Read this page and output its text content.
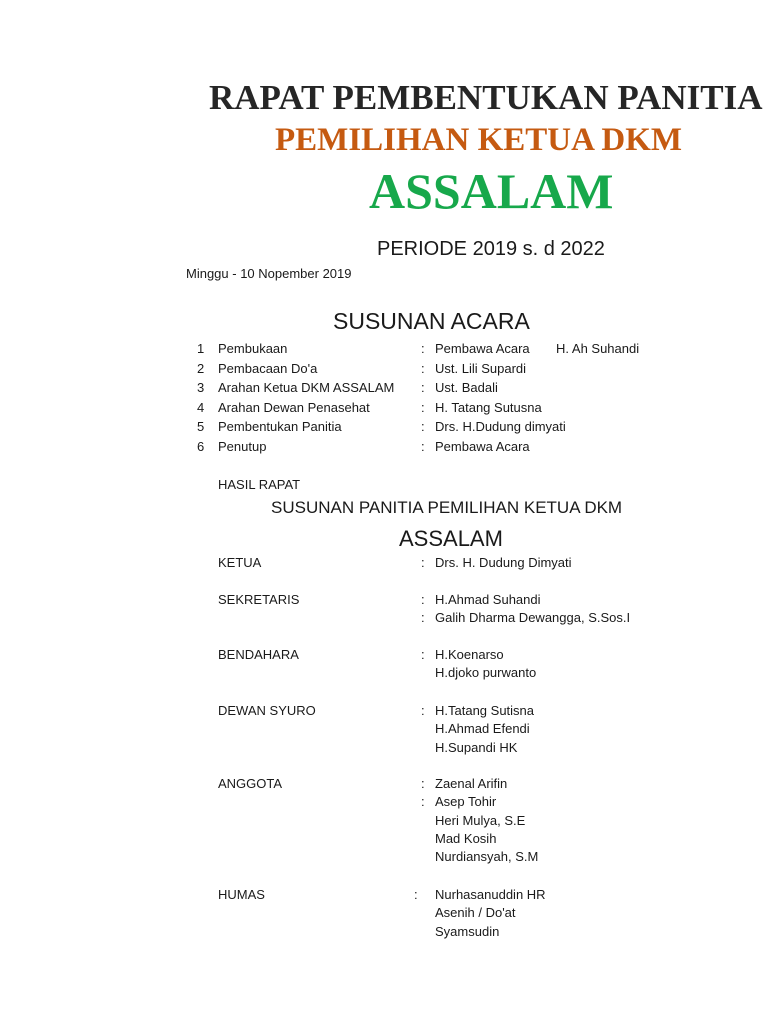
RAPAT PEMBENTUKAN PANITIA
PEMILIHAN KETUA DKM
ASSALAM
PERIODE 2019 s. d 2022
Minggu - 10 Nopember 2019
SUSUNAN ACARA
1 Pembukaan	: Pembawa Acara H. Ah Suhandi
2 Pembacaan Do'a	: Ust. Lili Supardi
3 Arahan Ketua DKM ASSALAM : Ust. Badali
4 Arahan Dewan Penasehat	: H. Tatang Sutusna
5 Pembentukan Panitia	: Drs. H.Dudung dimyati
6 Penutup	: Pembawa Acara
HASIL RAPAT
SUSUNAN PANITIA PEMILIHAN KETUA DKM
ASSALAM
KETUA	: Drs. H. Dudung Dimyati
SEKRETARIS	: H.Ahmad Suhandi
: Galih Dharma Dewangga, S.Sos.I
BENDAHARA	: H.Koenarso
H.djoko purwanto
DEWAN SYURO	: H.Tatang Sutisna
H.Ahmad Efendi
H.Supandi HK
ANGGOTA	: Zaenal Arifin
: Asep Tohir
Heri Mulya, S.E
Mad Kosih
Nurdiansyah, S.M
HUMAS	: Nurhasanuddin HR
Asenih / Do'at
Syamsudin
